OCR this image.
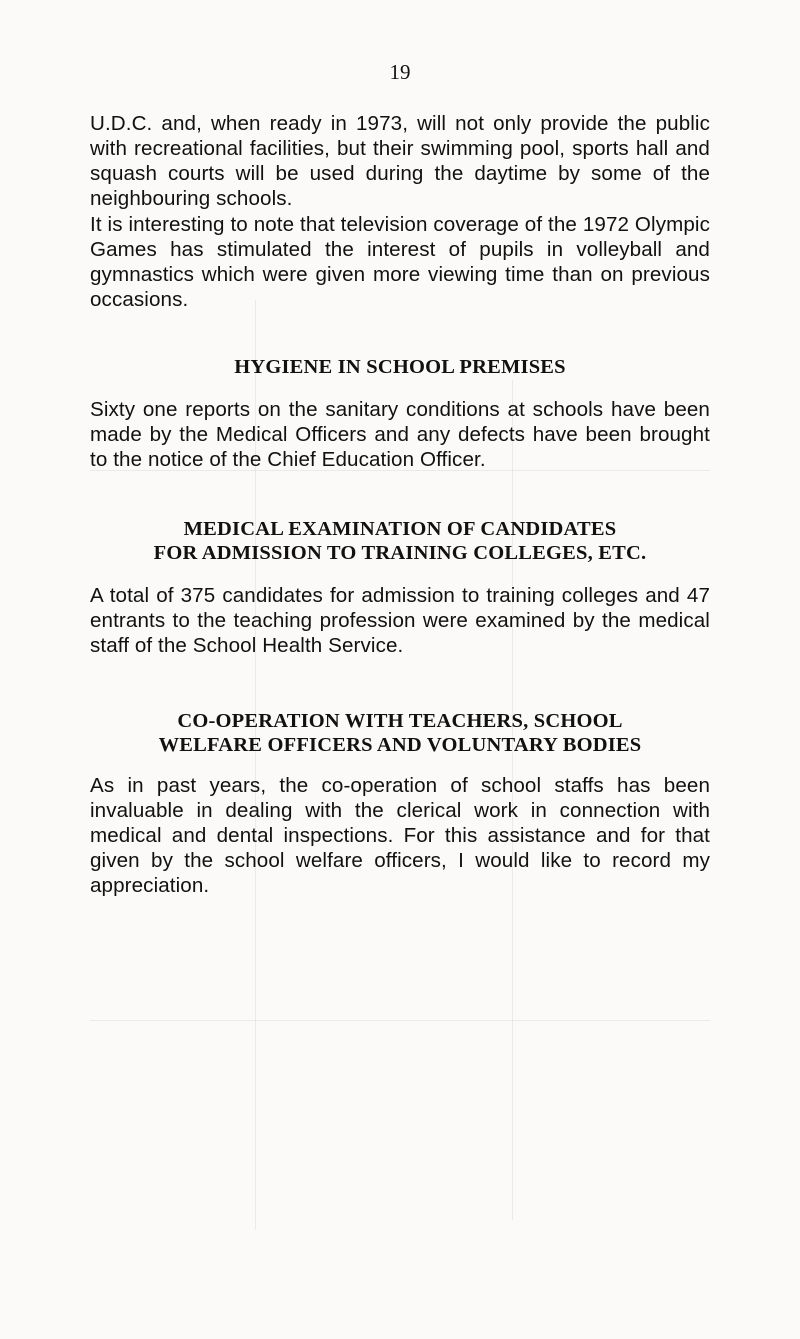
19
U.D.C. and, when ready in 1973, will not only provide the public with recreational facilities, but their swimming pool, sports hall and squash courts will be used during the daytime by some of the neighbouring schools.
It is interesting to note that television coverage of the 1972 Olympic Games has stimulated the interest of pupils in volleyball and gymnastics which were given more viewing time than on previous occasions.
HYGIENE IN SCHOOL PREMISES
Sixty one reports on the sanitary conditions at schools have been made by the Medical Officers and any defects have been brought to the notice of the Chief Education Officer.
MEDICAL EXAMINATION OF CANDIDATES
FOR ADMISSION TO TRAINING COLLEGES, ETC.
A total of 375 candidates for admission to training colleges and 47 entrants to the teaching profession were examined by the medical staff of the School Health Service.
CO-OPERATION WITH TEACHERS, SCHOOL
WELFARE OFFICERS AND VOLUNTARY BODIES
As in past years, the co-operation of school staffs has been invaluable in dealing with the clerical work in connection with medical and dental inspections. For this assistance and for that given by the school welfare officers, I would like to record my appreciation.
